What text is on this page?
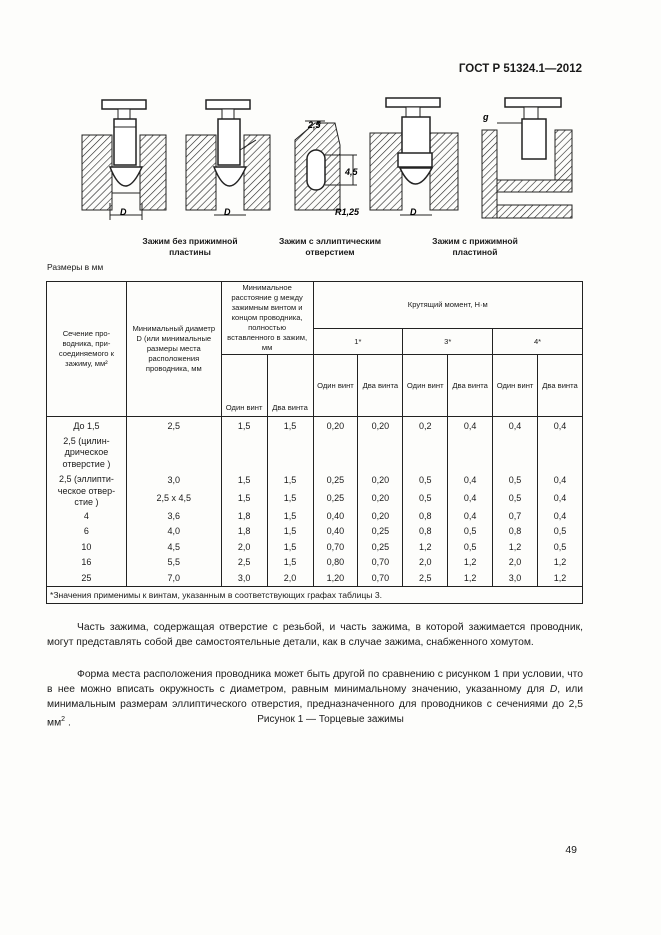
ГОСТ Р 51324.1—2012
D	D
2,5
4,5
R1,25	D
g
Зажим без прижимной
пластины
Зажим с эллиптическим
отверстием
Зажим с прижимной
пластиной
Размеры в мм
Сечение про-водника, при-соединяемого к зажиму, мм²	Минимальный диаметр D (или минимальные размеры места расположения проводника, мм	Минимальное расстояние g между зажимным винтом и концом проводника, полностью вставленного в зажим, мм		Крутящий момент, Н·м					
				1*		3*		4*	
		Один винт	Два винта	Один винт	Два винта	Один винт	Два винта	Один винт	Два винта
До 1,5	2,5	1,5	1,5	0,20	0,20	0,2	0,4	0,4	0,4
2,5 (цилин-дрическое отверстие )									
2,5 (эллипти-ческое отвер-стие )	3,0	1,5	1,5	0,25	0,20	0,5	0,4	0,5	0,4
	2,5 x 4,5	1,5	1,5	0,25	0,20	0,5	0,4	0,5	0,4
4	3,6	1,8	1,5	0,40	0,20	0,8	0,4	0,7	0,4
6	4,0	1,8	1,5	0,40	0,25	0,8	0,5	0,8	0,5
10	4,5	2,0	1,5	0,70	0,25	1,2	0,5	1,2	0,5
16	5,5	2,5	1,5	0,80	0,70	2,0	1,2	2,0	1,2
25	7,0	3,0	2,0	1,20	0,70	2,5	1,2	3,0	1,2
*Значения применимы к винтам, указанным в соответствующих графах таблицы 3.									
Часть зажима, содержащая отверстие с резьбой, и часть зажима, в которой зажимается проводник, могут представлять собой две самостоятельные детали, как в случае зажима, снабженного хомутом.
Форма места расположения проводника может быть другой по сравнению с рисунком 1 при условии, что в нее можно вписать окружность с диаметром, равным минимальному значению, указанному для D, или минимальным размерам эллиптического отверстия, предназначенного для проводников с сечениями до 2,5 $мм^2$ .	Рисунок 1 — Торцевые зажимы
49
